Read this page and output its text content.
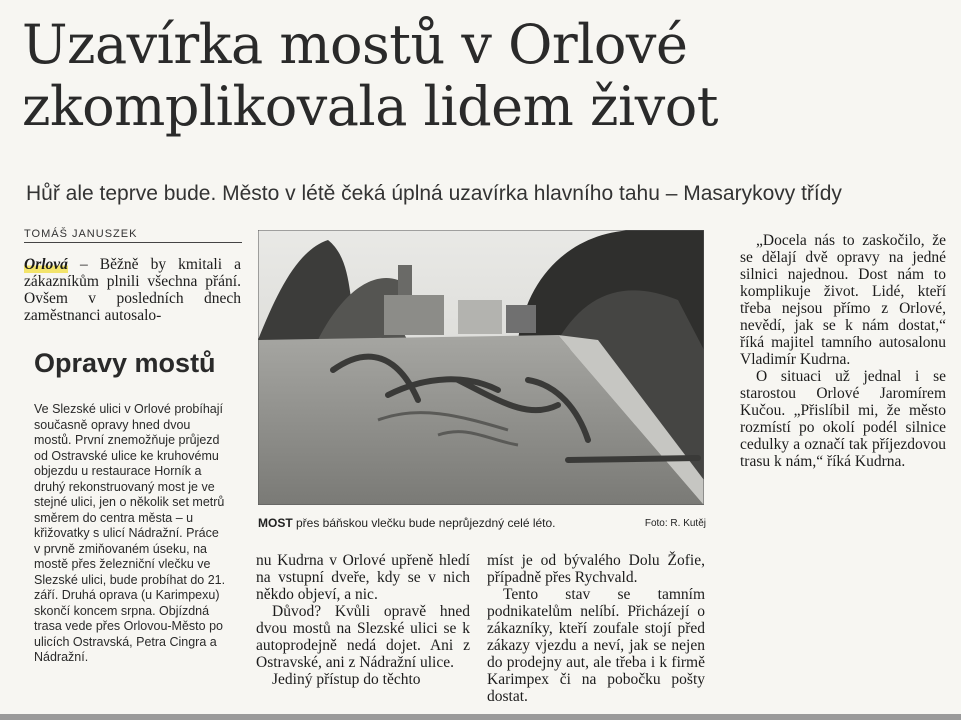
Uzavírka mostů v Orlové
zkomplikovala lidem život

Hůř ale teprve bude. Město v létě čeká úplná uzavírka hlavního tahu – Masarykovy třídy

TOMÁŠ JANUSZEK

Orlová – Běžně by kmitali a zákazníkům plnili všechna přání. Ovšem v posledních dnech zaměstnanci autosalo-

Opravy mostů

Ve Slezské ulici v Orlové probíhají současně opravy hned dvou mostů. První znemožňuje průjezd od Ostravské ulice ke kruhovému objezdu u restaurace Horník a druhý rekonstruovaný most je ve stejné ulici, jen o několik set metrů směrem do centra města – u křižovatky s ulicí Nádražní. Práce v prvně zmiňovaném úseku, na mostě přes železniční vlečku ve Slezské ulici, bude probíhat do 21. září. Druhá oprava (u Karimpexu) skončí koncem srpna. Objízdná trasa vede přes Orlovou-Město po ulicích Ostravská, Petra Cingra a Nádražní.

MOST přes báňskou vlečku bude neprůjezdný celé léto.	Foto: R. Kutěj

nu Kudrna v Orlové upřeně hledí na vstupní dveře, kdy se v nich někdo objeví, a nic.

Důvod? Kvůli opravě hned dvou mostů na Slezské ulici se k autoprodejně nedá dojet. Ani z Ostravské, ani z Nádražní ulice.

Jediný přístup do těchto

míst je od bývalého Dolu Žofie, případně přes Rychvald.

Tento stav se tamním podnikatelům nelíbí. Přicházejí o zákazníky, kteří zoufale stojí před zákazy vjezdu a neví, jak se nejen do prodejny aut, ale třeba i k firmě Karimpex či na pobočku pošty dostat.

„Docela nás to zaskočilo, že se dělají dvě opravy na jedné silnici najednou. Dost nám to komplikuje život. Lidé, kteří třeba nejsou přímo z Orlové, nevědí, jak se k nám dostat,“ říká majitel tamního autosalonu Vladimír Kudrna.

O situaci už jednal i se starostou Orlové Jaromírem Kučou. „Přislíbil mi, že město rozmístí po okolí podél silnice cedulky a označí tak příjezdovou trasu k nám,“ říká Kudrna.
